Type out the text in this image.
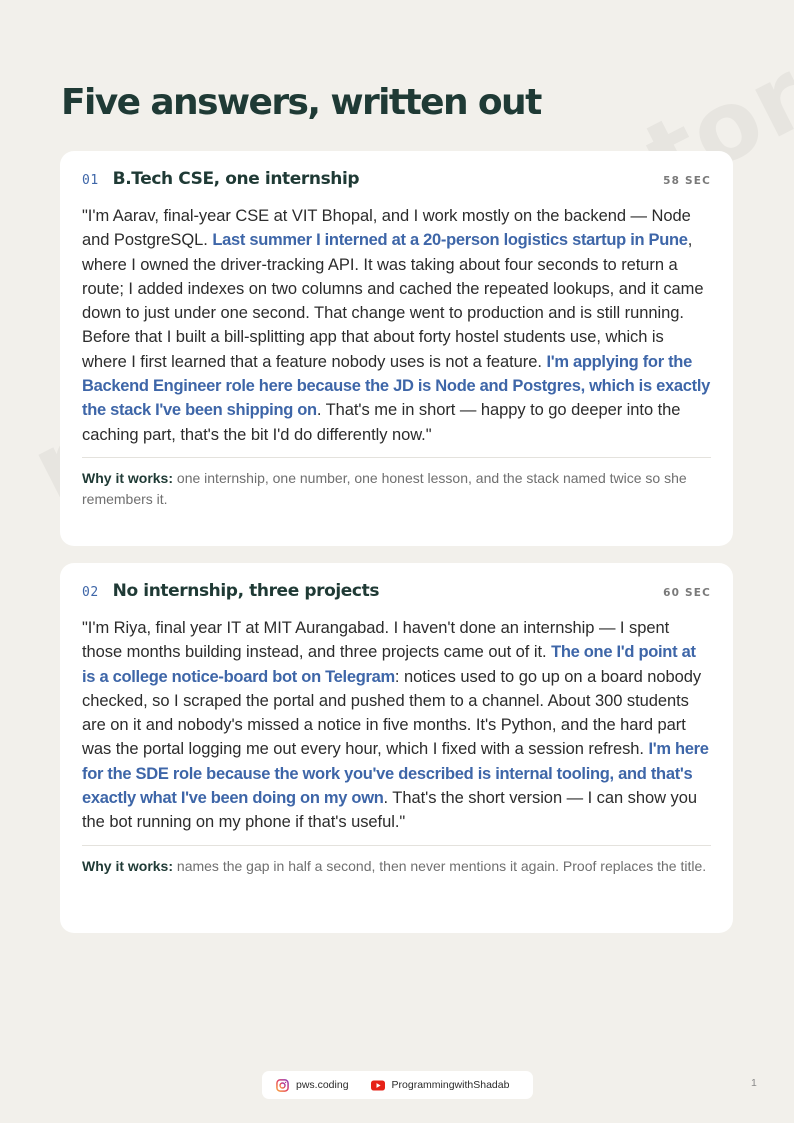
Five answers, written out
01 B.Tech CSE, one internship	58 SEC

"I'm Aarav, final-year CSE at VIT Bhopal, and I work mostly on the backend — Node and PostgreSQL. Last summer I interned at a 20-person logistics startup in Pune, where I owned the driver-tracking API. It was taking about four seconds to return a route; I added indexes on two columns and cached the repeated lookups, and it came down to just under one second. That change went to production and is still running. Before that I built a bill-splitting app that about forty hostel students use, which is where I first learned that a feature nobody uses is not a feature. I'm applying for the Backend Engineer role here because the JD is Node and Postgres, which is exactly the stack I've been shipping on. That's me in short — happy to go deeper into the caching part, that's the bit I'd do differently now."

Why it works: one internship, one number, one honest lesson, and the stack named twice so she remembers it.

02 No internship, three projects	60 SEC

"I'm Riya, final year IT at MIT Aurangabad. I haven't done an internship — I spent those months building instead, and three projects came out of it. The one I'd point at is a college notice-board bot on Telegram: notices used to go up on a board nobody checked, so I scraped the portal and pushed them to a channel. About 300 students are on it and nobody's missed a notice in five months. It's Python, and the hard part was the portal logging me out every hour, which I fixed with a session refresh. I'm here for the SDE role because the work you've described is internal tooling, and that's exactly what I've been doing on my own. That's the short version — I can show you the bot running on my phone if that's useful."

Why it works: names the gap in half a second, then never mentions it again. Proof replaces the title.

pws.coding	ProgrammingwithShadab	1
